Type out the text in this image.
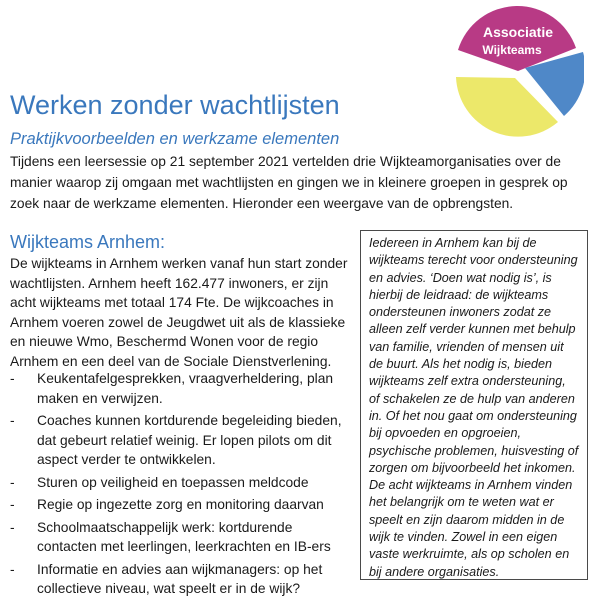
Associatie
Wijkteams
Werken zonder wachtlijsten
Praktijkvoorbeelden en werkzame elementen
Tijdens een leersessie op 21 september 2021 vertelden drie Wijkteamorganisaties over de manier waarop zij omgaan met wachtlijsten en gingen we in kleinere groepen in gesprek op zoek naar de werkzame elementen. Hieronder een weergave van de opbrengsten.
Wijkteams Arnhem:
De wijkteams in Arnhem werken vanaf hun start zonder wachtlijsten. Arnhem heeft 162.477 inwoners, er zijn acht wijkteams met totaal 174 Fte. De wijkcoaches in Arnhem voeren zowel de Jeugdwet uit als de klassieke en nieuwe Wmo, Beschermd Wonen voor de regio Arnhem en een deel van de Sociale Dienstverlening.
- Keukentafelgesprekken, vraagverheldering, plan maken en verwijzen.
- Coaches kunnen kortdurende begeleiding bieden, dat gebeurt relatief weinig. Er lopen pilots om dit aspect verder te ontwikkelen.
- Sturen op veiligheid en toepassen meldcode
- Regie op ingezette zorg en monitoring daarvan
- Schoolmaatschappelijk werk: kortdurende contacten met leerlingen, leerkrachten en IB-ers
- Informatie en advies aan wijkmanagers: op het collectieve niveau, wat speelt er in de wijk?
Iedereen in Arnhem kan bij de wijkteams terecht voor ondersteuning en advies. ‘Doen wat nodig is’, is hierbij de leidraad: de wijkteams ondersteunen inwoners zodat ze alleen zelf verder kunnen met behulp van familie, vrienden of mensen uit de buurt. Als het nodig is, bieden wijkteams zelf extra ondersteuning, of schakelen ze de hulp van anderen in. Of het nou gaat om ondersteuning bij opvoeden en opgroeien, psychische problemen, huisvesting of zorgen om bijvoorbeeld het inkomen. De acht wijkteams in Arnhem vinden het belangrijk om te weten wat er speelt en zijn daarom midden in de wijk te vinden. Zowel in een eigen vaste werkruimte, als op scholen en bij andere organisaties.
